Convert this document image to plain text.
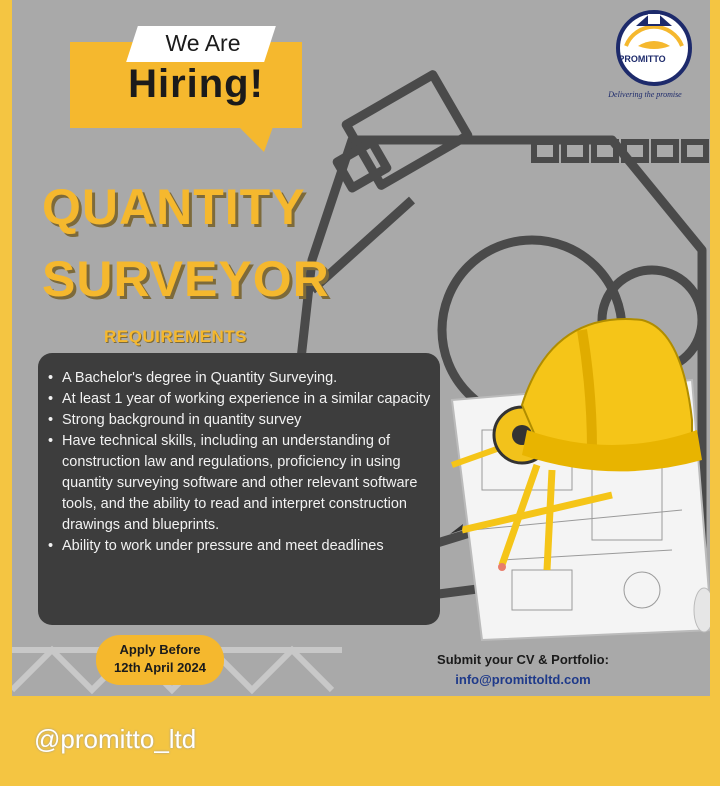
We Are
Hiring!
PROMITTO
Delivering the promise
QUANTITY
SURVEYOR
REQUIREMENTS
• A Bachelor's degree in Quantity Surveying.
• At least 1 year of working experience in a similar capacity
• Strong background in quantity survey
• Have technical skills, including an understanding of construction law and regulations, proficiency in using quantity surveying software and other relevant software tools, and the ability to read and interpret construction drawings and blueprints.
• Ability to work under pressure and meet deadlines
Apply Before
12th April 2024
Submit your CV & Portfolio:
info@promittoltd.com
@promitto_ltd
